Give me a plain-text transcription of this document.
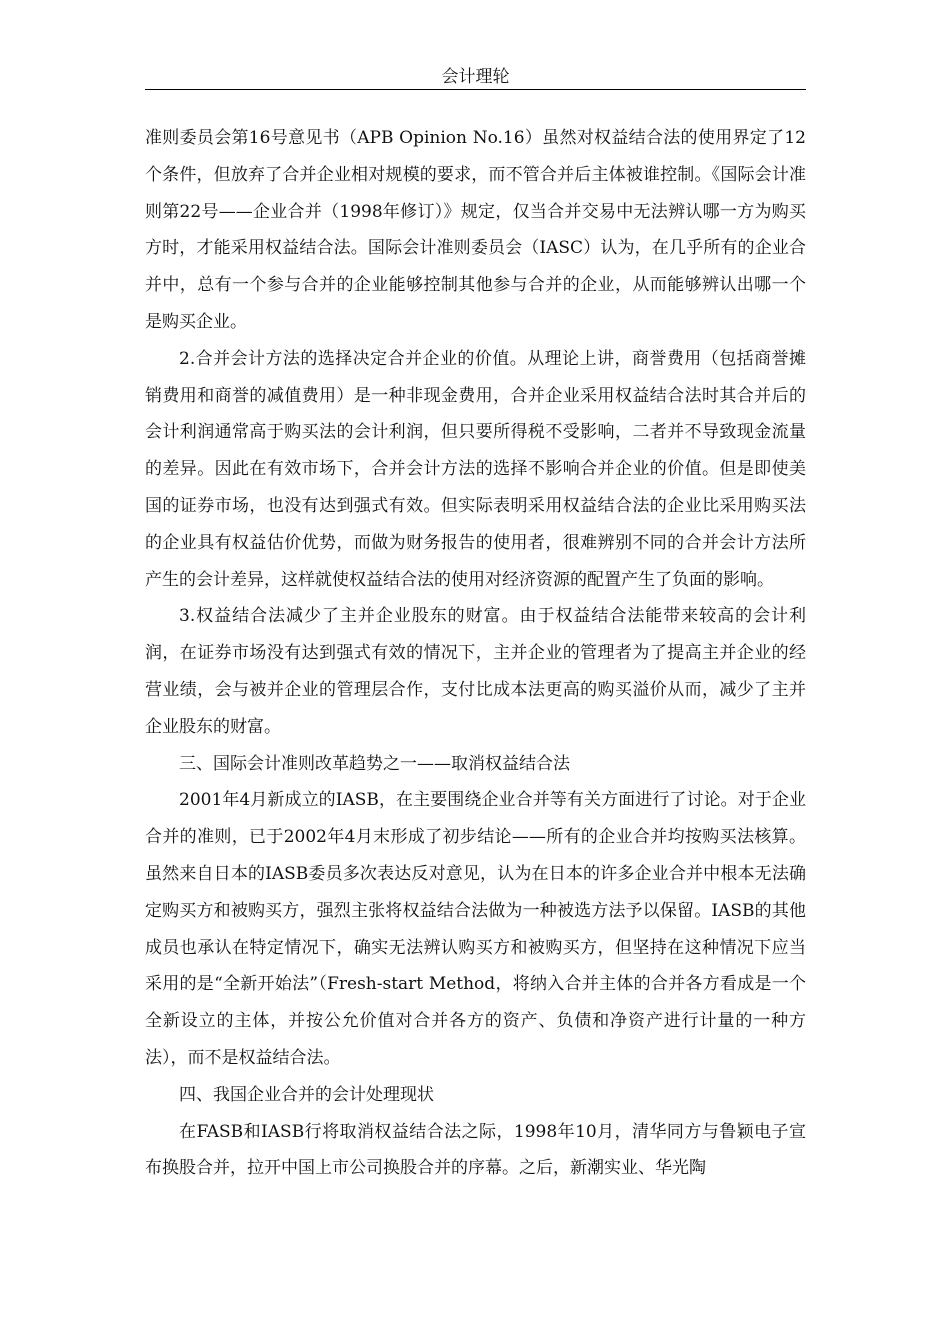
会计理轮

准则委员会第16号意见书（APB Opinion No.16）虽然对权益结合法的使用界定了12个条件，但放弃了合并企业相对规模的要求，而不管合并后主体被谁控制。《国际会计准则第22号——企业合并（1998年修订）》规定，仅当合并交易中无法辨认哪一方为购买方时，才能采用权益结合法。国际会计准则委员会（IASC）认为，在几乎所有的企业合并中，总有一个参与合并的企业能够控制其他参与合并的企业，从而能够辨认出哪一个是购买企业。

2.合并会计方法的选择决定合并企业的价值。从理论上讲，商誉费用（包括商誉摊销费用和商誉的减值费用）是一种非现金费用，合并企业采用权益结合法时其合并后的会计利润通常高于购买法的会计利润，但只要所得税不受影响，二者并不导致现金流量的差异。因此在有效市场下，合并会计方法的选择不影响合并企业的价值。但是即使美国的证券市场，也没有达到强式有效。但实际表明采用权益结合法的企业比采用购买法的企业具有权益估价优势，而做为财务报告的使用者，很难辨别不同的合并会计方法所产生的会计差异，这样就使权益结合法的使用对经济资源的配置产生了负面的影响。

3.权益结合法减少了主并企业股东的财富。由于权益结合法能带来较高的会计利润，在证券市场没有达到强式有效的情况下，主并企业的管理者为了提高主并企业的经营业绩，会与被并企业的管理层合作，支付比成本法更高的购买溢价从而，减少了主并企业股东的财富。

三、国际会计准则改革趋势之一——取消权益结合法

2001年4月新成立的IASB，在主要围绕企业合并等有关方面进行了讨论。对于企业合并的准则，已于2002年4月末形成了初步结论——所有的企业合并均按购买法核算。虽然来自日本的IASB委员多次表达反对意见，认为在日本的许多企业合并中根本无法确定购买方和被购买方，强烈主张将权益结合法做为一种被选方法予以保留。IASB的其他成员也承认在特定情况下，确实无法辨认购买方和被购买方，但坚持在这种情况下应当采用的是“全新开始法”（Fresh-start Method，将纳入合并主体的合并各方看成是一个全新设立的主体，并按公允价值对合并各方的资产、负债和净资产进行计量的一种方法），而不是权益结合法。

四、我国企业合并的会计处理现状

在FASB和IASB行将取消权益结合法之际，1998年10月，清华同方与鲁颖电子宣布换股合并，拉开中国上市公司换股合并的序幕。之后，新潮实业、华光陶
